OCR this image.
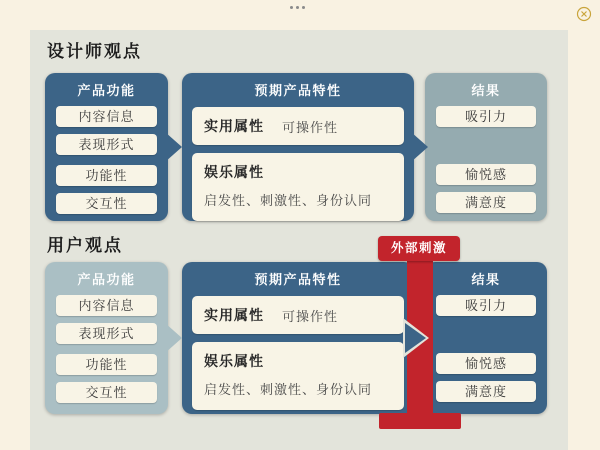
设计师观点
产品功能
内容信息
表现形式
功能性
交互性
预期产品特性
实用属性 可操作性
娱乐属性
启发性、刺激性、身份认同
结果
吸引力
愉悦感
满意度
用户观点
产品功能
内容信息
表现形式
功能性
交互性
预期产品特性
实用属性 可操作性
娱乐属性
启发性、刺激性、身份认同
结果
吸引力
愉悦感
满意度
外部刺激
